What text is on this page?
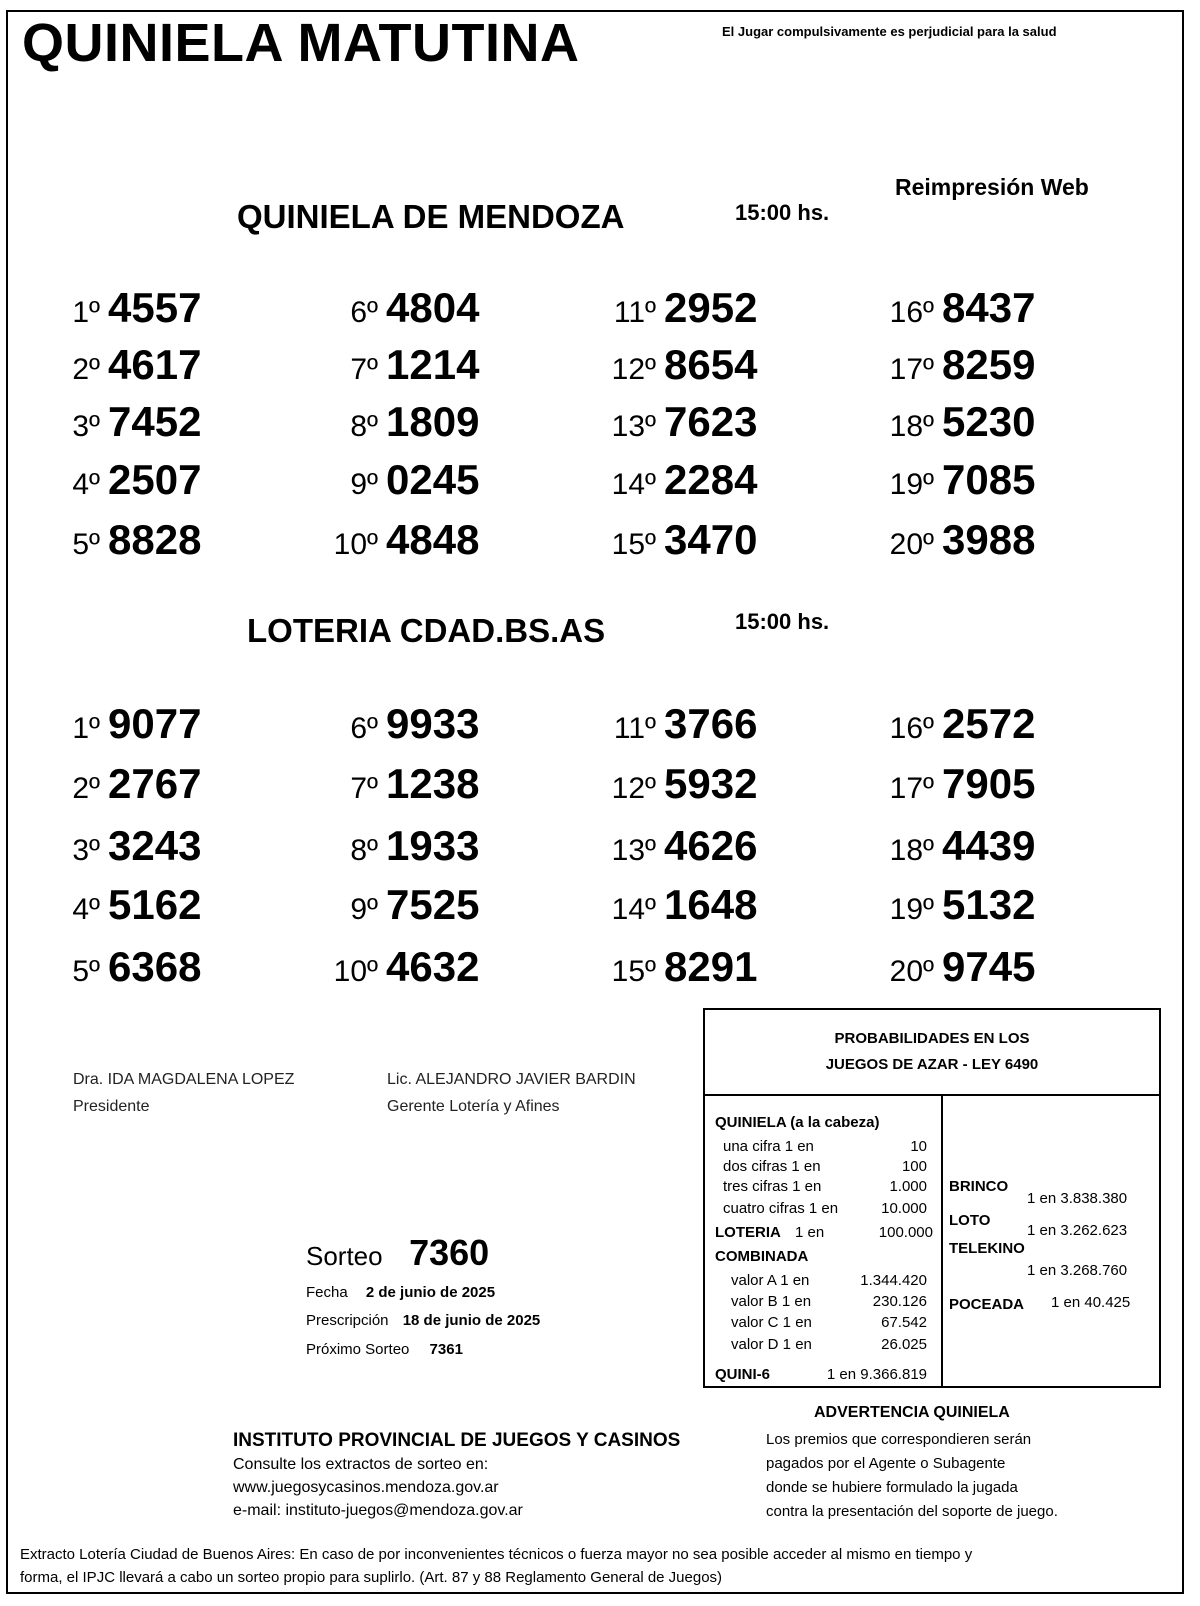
QUINIELA MATUTINA	El Jugar compulsivamente es perjudicial para la salud
Reimpresión Web
QUINIELA DE MENDOZA	15:00 hs.
1º 4557
2º 4617
3º 7452
4º 2507
5º 8828
6º 4804
7º 1214
8º 1809
9º 0245
10º 4848
11º 2952
12º 8654
13º 7623
14º 2284
15º 3470
16º 8437
17º 8259
18º 5230
19º 7085
20º 3988
LOTERIA CDAD.BS.AS	15:00 hs.
1º 9077
2º 2767
3º 3243
4º 5162
5º 6368
6º 9933
7º 1238
8º 1933
9º 7525
10º 4632
11º 3766
12º 5932
13º 4626
14º 1648
15º 8291
16º 2572
17º 7905
18º 4439
19º 5132
20º 9745
Dra. IDA MAGDALENA LOPEZ
Presidente
Lic. ALEJANDRO JAVIER BARDIN
Gerente Lotería y Afines
Sorteo 7360
Fecha 2 de junio de 2025
Prescripción 18 de junio de 2025
Próximo Sorteo 7361
PROBABILIDADES EN LOS
JUEGOS DE AZAR - LEY 6490
QUINIELA (a la cabeza)
una cifra 1 en	10
dos cifras 1 en	100
tres cifras 1 en	1.000
cuatro cifras 1 en	10.000
LOTERIA 1 en	100.000
COMBINADA
valor A 1 en	1.344.420
valor B 1 en	230.126
valor C 1 en	67.542
valor D 1 en	26.025
QUINI-6	1 en 9.366.819
BRINCO
1 en 3.838.380
LOTO
1 en 3.262.623
TELEKINO
1 en 3.268.760
POCEADA 1 en 40.425
INSTITUTO PROVINCIAL DE JUEGOS Y CASINOS
Consulte los extractos de sorteo en:
www.juegosycasinos.mendoza.gov.ar
e-mail: instituto-juegos@mendoza.gov.ar
ADVERTENCIA QUINIELA
Los premios que correspondieren serán
pagados por el Agente o Subagente
donde se hubiere formulado la jugada
contra la presentación del soporte de juego.
Extracto Lotería Ciudad de Buenos Aires: En caso de por inconvenientes técnicos o fuerza mayor no sea posible acceder al mismo en tiempo y
forma, el IPJC llevará a cabo un sorteo propio para suplirlo. (Art. 87 y 88 Reglamento General de Juegos)
